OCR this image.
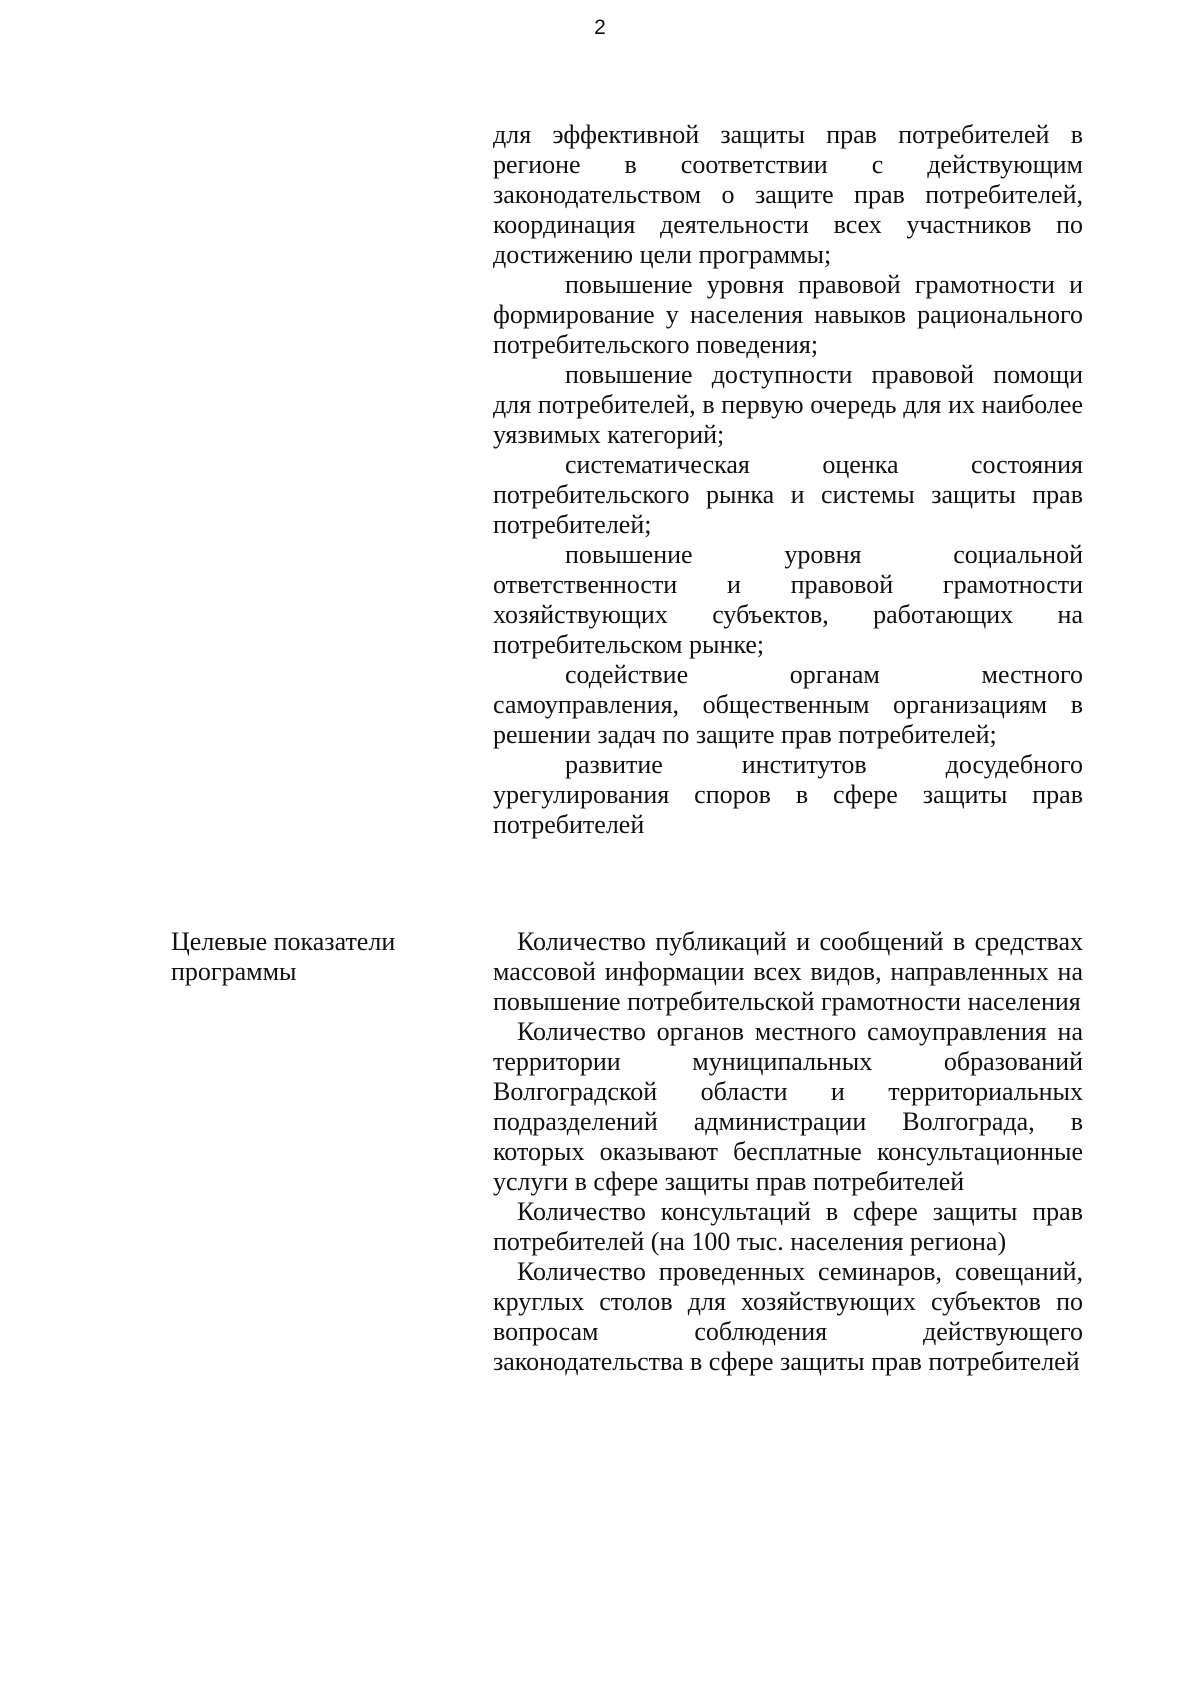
2

для эффективной защиты прав потребителей в регионе в соответствии с действующим законодательством о защите прав потребителей, координация деятельности всех участников по достижению цели программы;

повышение уровня правовой грамотности и формирование у населения навыков рационального потребительского поведения;

повышение доступности правовой помощи для потребителей, в первую очередь для их наиболее уязвимых категорий;

систематическая оценка состояния потребительского рынка и системы защиты прав потребителей;

повышение уровня социальной ответственности и правовой грамотности хозяйствующих субъектов, работающих на потребительском рынке;

содействие органам местного самоуправления, общественным организациям в решении задач по защите прав потребителей;

развитие институтов досудебного урегулирования споров в сфере защиты прав потребителей

Целевые показатели программы

Количество публикаций и сообщений в средствах массовой информации всех видов, направленных на повышение потребительской грамотности населения

Количество органов местного самоуправления на территории муниципальных образований Волгоградской области и территориальных подразделений администрации Волгограда, в которых оказывают бесплатные консультационные услуги в сфере защиты прав потребителей

Количество консультаций в сфере защиты прав потребителей (на 100 тыс. населения региона)

Количество проведенных семинаров, совещаний, круглых столов для хозяйствующих субъектов по вопросам соблюдения действующего законодательства в сфере защиты прав потребителей
